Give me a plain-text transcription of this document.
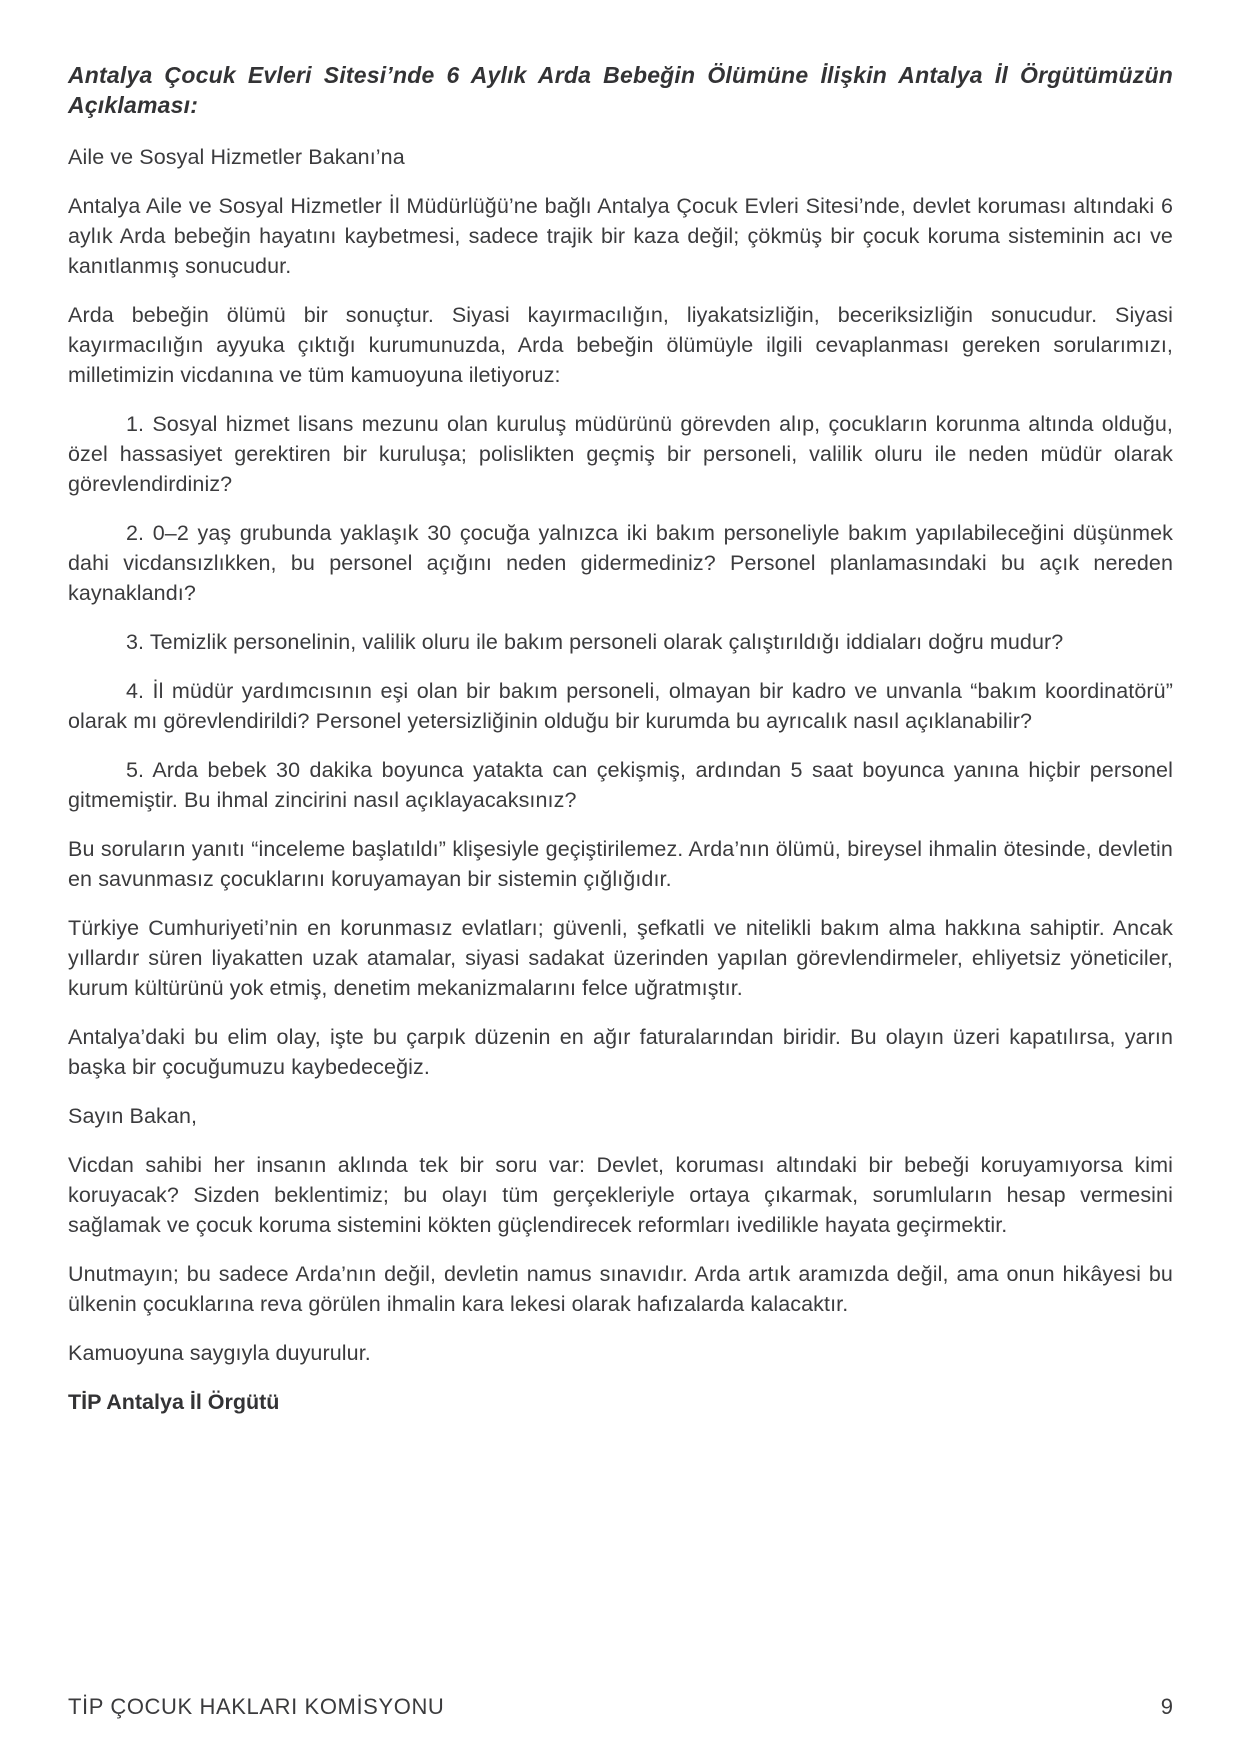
Antalya Çocuk Evleri Sitesi’nde 6 Aylık Arda Bebeğin Ölümüne İlişkin Antalya İl Örgütümüzün Açıklaması:

Aile ve Sosyal Hizmetler Bakanı’na

Antalya Aile ve Sosyal Hizmetler İl Müdürlüğü’ne bağlı Antalya Çocuk Evleri Sitesi’nde, devlet koruması altındaki 6 aylık Arda bebeğin hayatını kaybetmesi, sadece trajik bir kaza değil; çökmüş bir çocuk koruma sisteminin acı ve kanıtlanmış sonucudur.

Arda bebeğin ölümü bir sonuçtur. Siyasi kayırmacılığın, liyakatsizliğin, beceriksizliğin sonucudur. Siyasi kayırmacılığın ayyuka çıktığı kurumunuzda, Arda bebeğin ölümüyle ilgili cevaplanması gereken sorularımızı, milletimizin vicdanına ve tüm kamuoyuna iletiyoruz:

1. Sosyal hizmet lisans mezunu olan kuruluş müdürünü görevden alıp, çocukların korunma altında olduğu, özel hassasiyet gerektiren bir kuruluşa; polislikten geçmiş bir personeli, valilik oluru ile neden müdür olarak görevlendirdiniz?

2. 0–2 yaş grubunda yaklaşık 30 çocuğa yalnızca iki bakım personeliyle bakım yapılabileceğini düşünmek dahi vicdansızlıkken, bu personel açığını neden gidermediniz? Personel planlamasındaki bu açık nereden kaynaklandı?

3. Temizlik personelinin, valilik oluru ile bakım personeli olarak çalıştırıldığı iddiaları doğru mudur?

4. İl müdür yardımcısının eşi olan bir bakım personeli, olmayan bir kadro ve unvanla “bakım koordinatörü” olarak mı görevlendirildi? Personel yetersizliğinin olduğu bir kurumda bu ayrıcalık nasıl açıklanabilir?

5. Arda bebek 30 dakika boyunca yatakta can çekişmiş, ardından 5 saat boyunca yanına hiçbir personel gitmemiştir. Bu ihmal zincirini nasıl açıklayacaksınız?

Bu soruların yanıtı “inceleme başlatıldı” klişesiyle geçiştirilemez. Arda’nın ölümü, bireysel ihmalin ötesinde, devletin en savunmasız çocuklarını koruyamayan bir sistemin çığlığıdır.

Türkiye Cumhuriyeti’nin en korunmasız evlatları; güvenli, şefkatli ve nitelikli bakım alma hakkına sahiptir. Ancak yıllardır süren liyakatten uzak atamalar, siyasi sadakat üzerinden yapılan görevlendirmeler, ehliyetsiz yöneticiler, kurum kültürünü yok etmiş, denetim mekanizmalarını felce uğratmıştır.

Antalya’daki bu elim olay, işte bu çarpık düzenin en ağır faturalarından biridir. Bu olayın üzeri kapatılırsa, yarın başka bir çocuğumuzu kaybedeceğiz.

Sayın Bakan,

Vicdan sahibi her insanın aklında tek bir soru var: Devlet, koruması altındaki bir bebeği koruyamıyorsa kimi koruyacak? Sizden beklentimiz; bu olayı tüm gerçekleriyle ortaya çıkarmak, sorumluların hesap vermesini sağlamak ve çocuk koruma sistemini kökten güçlendirecek reformları ivedilikle hayata geçirmektir.

Unutmayın; bu sadece Arda’nın değil, devletin namus sınavıdır. Arda artık aramızda değil, ama onun hikâyesi bu ülkenin çocuklarına reva görülen ihmalin kara lekesi olarak hafızalarda kalacaktır.

Kamuoyuna saygıyla duyurulur.

TİP Antalya İl Örgütü

TİP ÇOCUK HAKLARI KOMİSYONU	9
